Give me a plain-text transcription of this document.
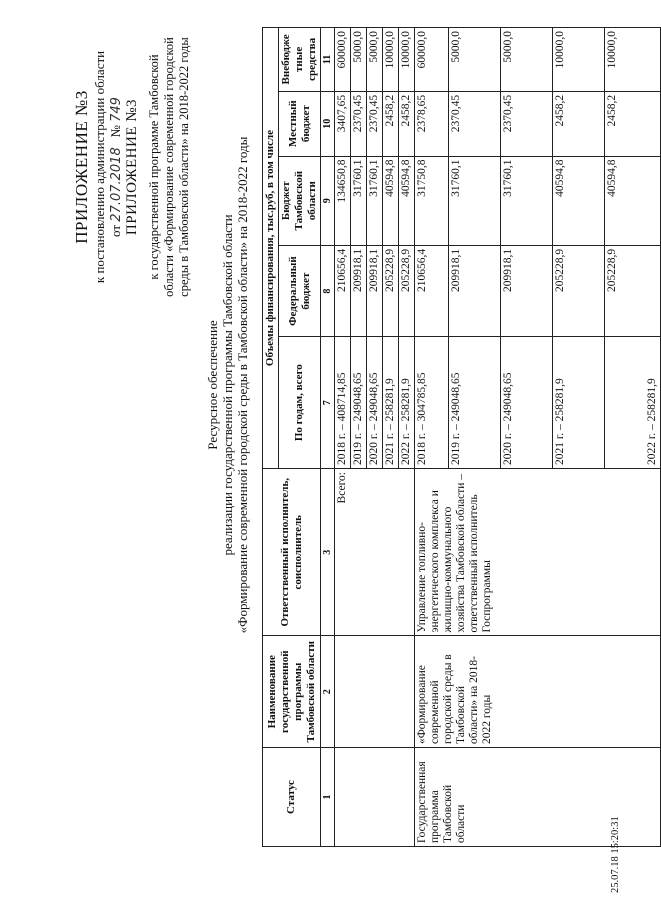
ПРИЛОЖЕНИЕ №3 к постановлению администрации области от 27.07.2018   № 749 ПРИЛОЖЕНИЕ №3 к государственной программе Тамбовской области «Формирование современной городской среды в Тамбовской области» на 2018-2022 годы
Ресурсное обеспечение реализации государственной программы Тамбовской области «Формирование современной городской среды в Тамбовской области» на 2018-2022 годы
Статус	Наименование государственной программы Тамбовской области	Ответственный исполнитель, соисполнитель	Объемы финансирования, тыс.руб, в том числе				
			По годам, всего	Федеральный бюджет	Бюджет Тамбовской области	Местный бюджет	Внебюдже тные средства
1	2	3	7	8	9	10	11
		Всего:	2018 г. – 408714,85	210656,4	134650,8	3407,65	60000,0
			2019 г. – 249048,65	209918,1	31760,1	2370,45	5000,0
			2020 г. – 249048,65	209918,1	31760,1	2370,45	5000,0
			2021 г. – 258281,9	205228,9	40594,8	2458,2	10000,0
			2022 г. – 258281,9	205228,9	40594,8	2458,2	10000,0
Государственная программа Тамбовской области	«Формирование современной городской среды в Тамбовской области» на 2018-2022 годы	Управление топливно-энергетического комплекса и жилищно-коммунального хозяйства Тамбовской области – ответственный исполнитель Госпрограммы	2018 г. – 304785,85	210656,4	31750,8	2378,65	60000,0
			2019 г. – 249048,65	209918,1	31760,1	2370,45	5000,0
			2020 г. – 249048,65	209918,1	31760,1	2370,45	5000,0
			2021 г. – 258281,9	205228,9	40594,8	2458,2	10000,0
			2022 г. – 258281,9	205228,9	40594,8	2458,2	10000,0
25.07.18 15:20:31
